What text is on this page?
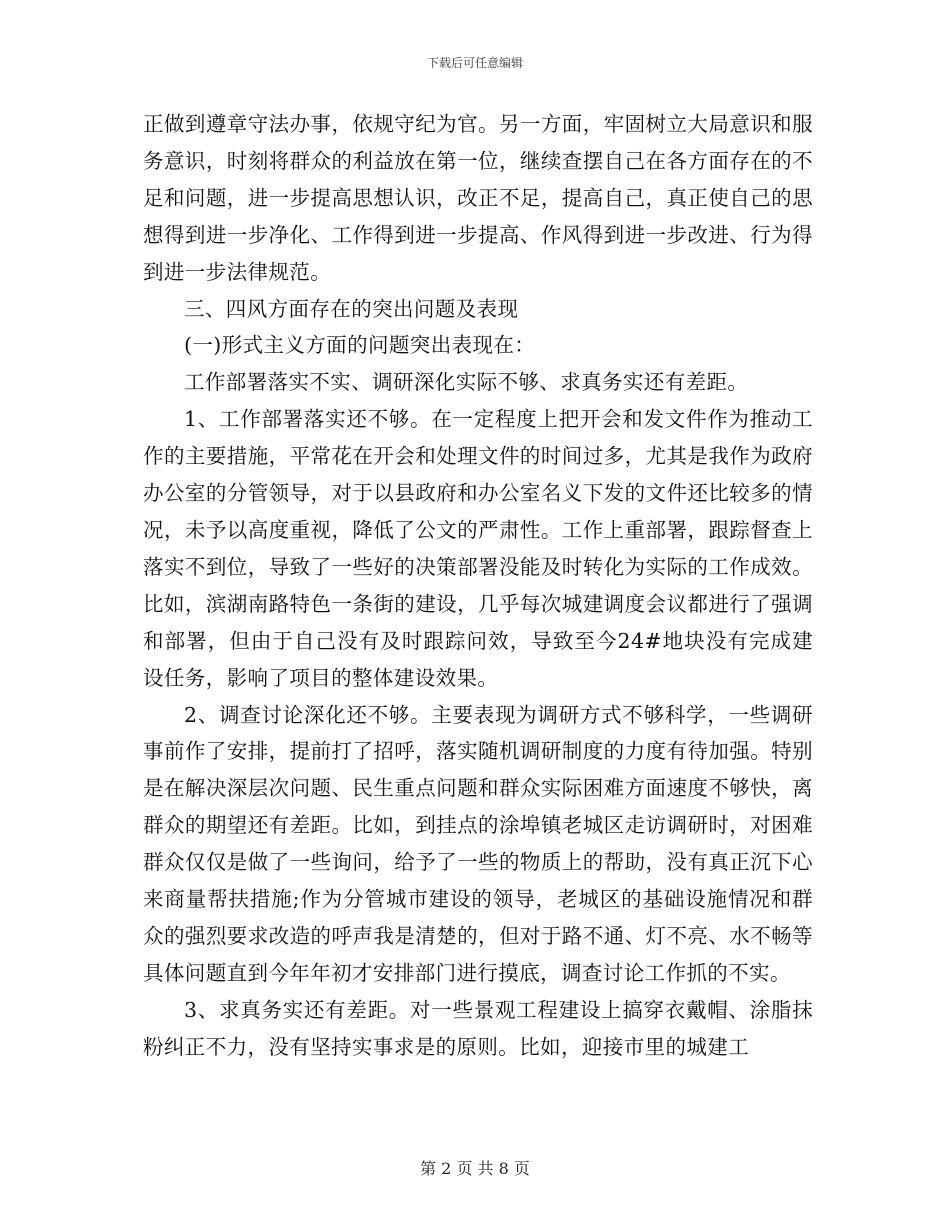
下载后可任意编辑

正做到遵章守法办事，依规守纪为官。另一方面，牢固树立大局意识和服务意识，时刻将群众的利益放在第一位，继续查摆自己在各方面存在的不足和问题，进一步提高思想认识，改正不足，提高自己，真正使自己的思想得到进一步净化、工作得到进一步提高、作风得到进一步改进、行为得到进一步法律规范。

三、四风方面存在的突出问题及表现

(一)形式主义方面的问题突出表现在：

工作部署落实不实、调研深化实际不够、求真务实还有差距。

1、工作部署落实还不够。在一定程度上把开会和发文件作为推动工作的主要措施，平常花在开会和处理文件的时间过多，尤其是我作为政府办公室的分管领导，对于以县政府和办公室名义下发的文件还比较多的情况，未予以高度重视，降低了公文的严肃性。工作上重部署，跟踪督查上落实不到位，导致了一些好的决策部署没能及时转化为实际的工作成效。比如，滨湖南路特色一条街的建设，几乎每次城建调度会议都进行了强调和部署，但由于自己没有及时跟踪问效，导致至今24#地块没有完成建设任务，影响了项目的整体建设效果。

2、调查讨论深化还不够。主要表现为调研方式不够科学，一些调研事前作了安排，提前打了招呼，落实随机调研制度的力度有待加强。特别是在解决深层次问题、民生重点问题和群众实际困难方面速度不够快，离群众的期望还有差距。比如，到挂点的涂埠镇老城区走访调研时，对困难群众仅仅是做了一些询问，给予了一些的物质上的帮助，没有真正沉下心来商量帮扶措施;作为分管城市建设的领导，老城区的基础设施情况和群众的强烈要求改造的呼声我是清楚的，但对于路不通、灯不亮、水不畅等具体问题直到今年年初才安排部门进行摸底，调查讨论工作抓的不实。

3、求真务实还有差距。对一些景观工程建设上搞穿衣戴帽、涂脂抹粉纠正不力，没有坚持实事求是的原则。比如，迎接市里的城建工

第 2 页 共 8 页
